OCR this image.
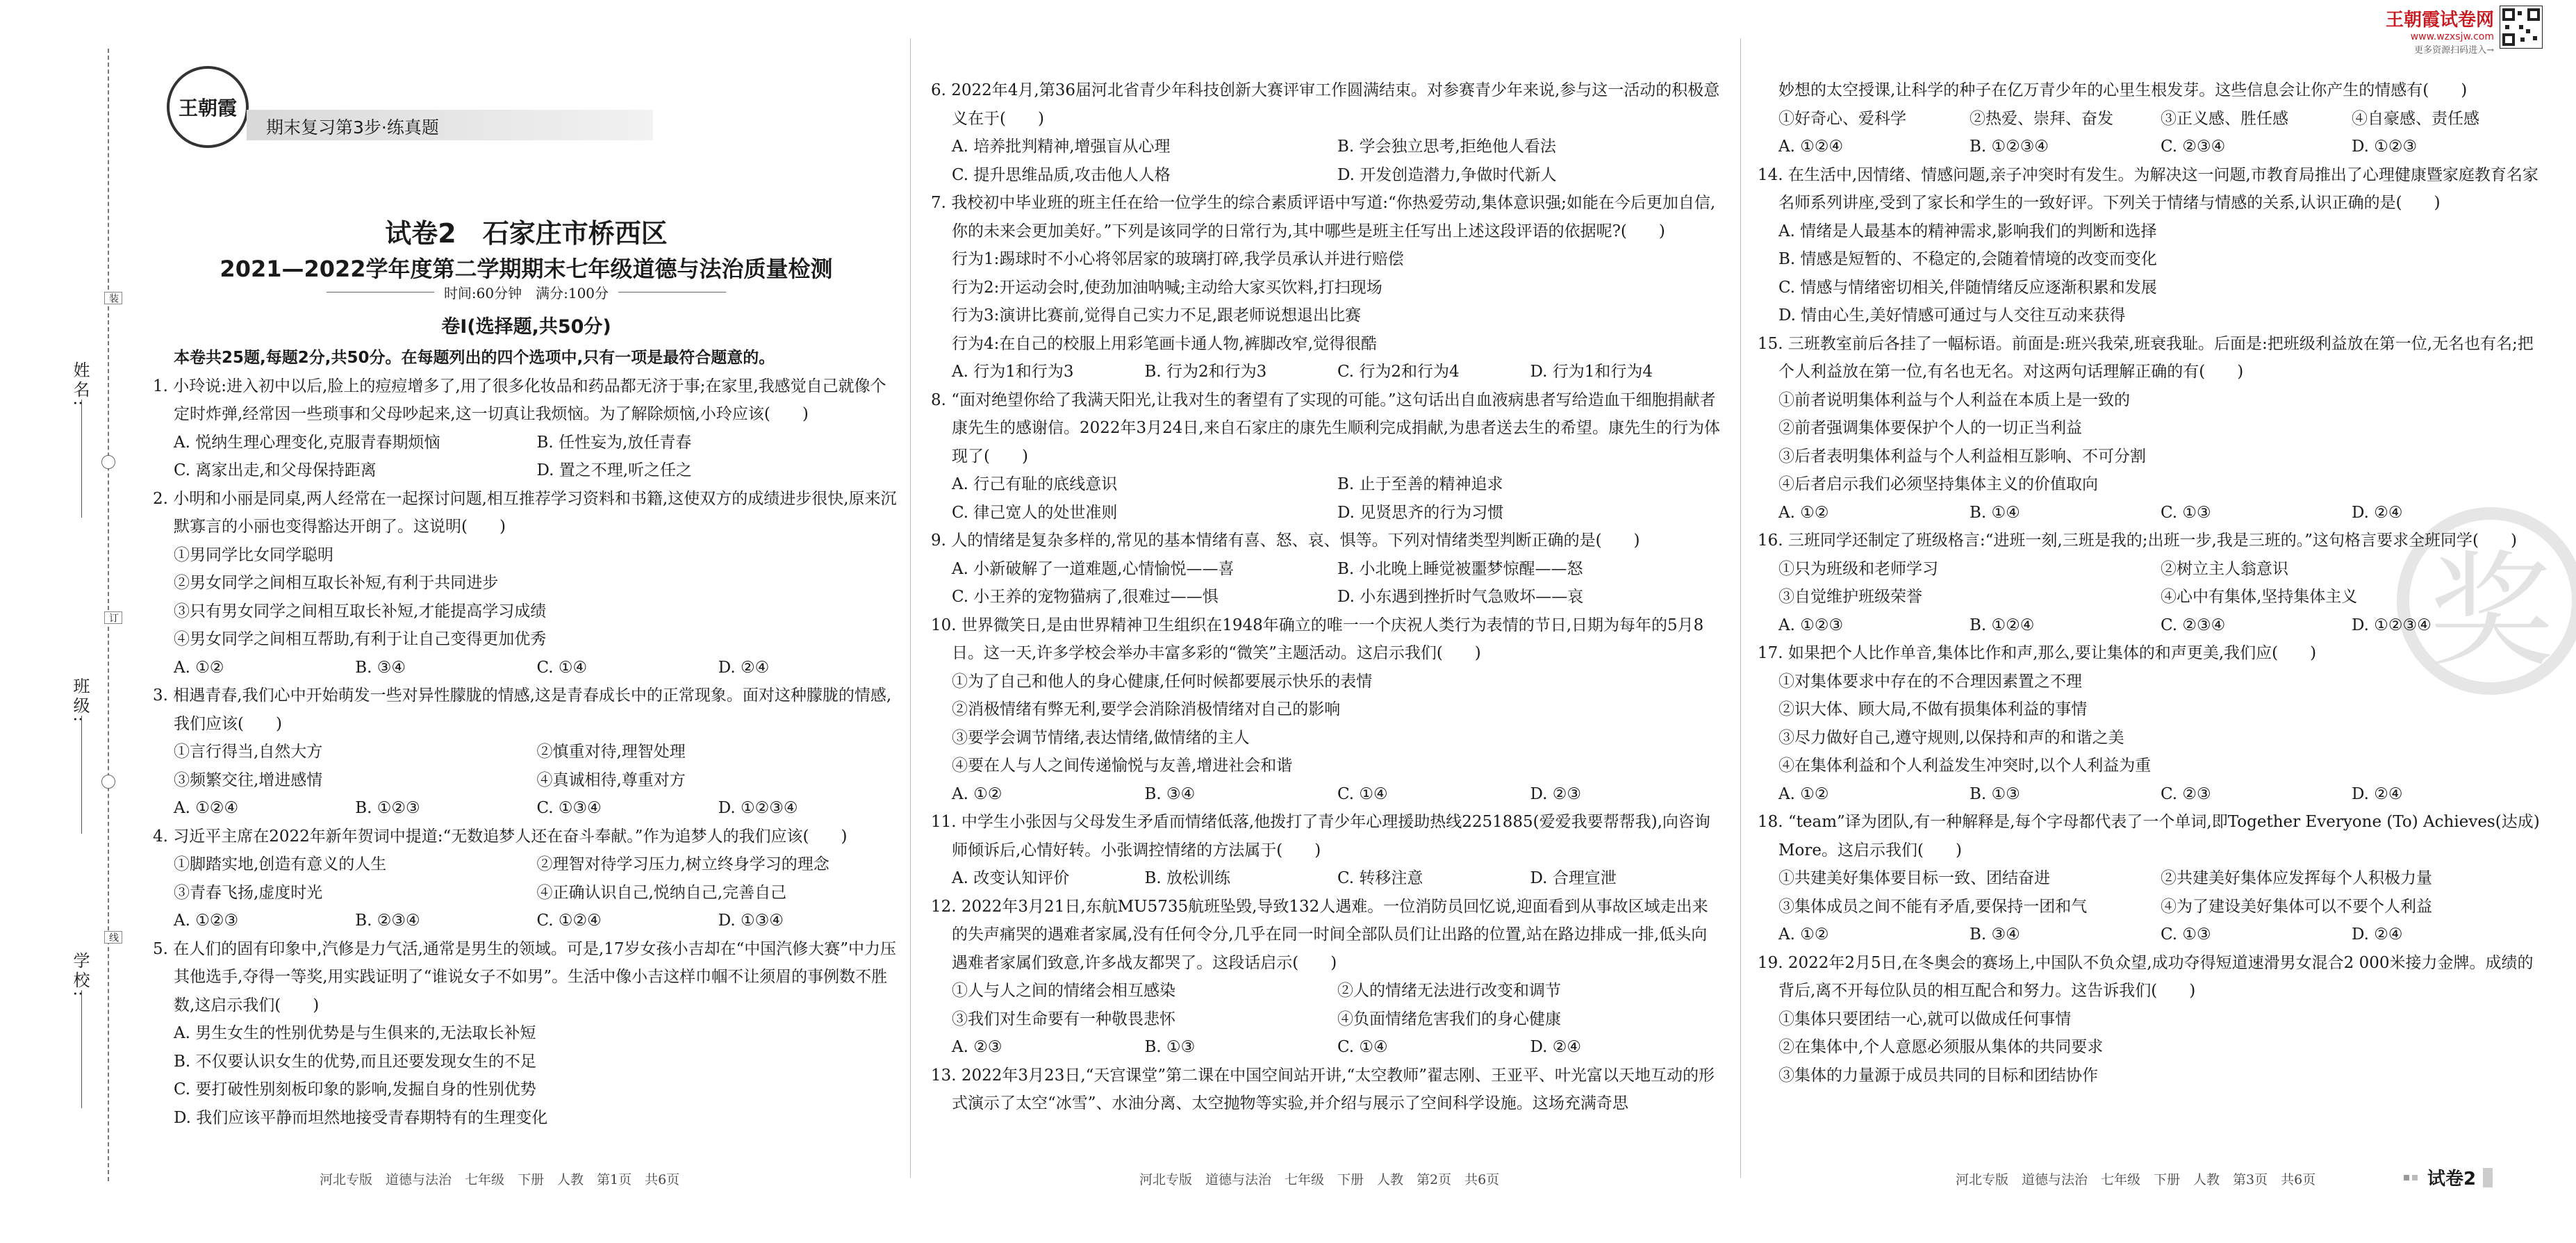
姓名:
班级:
学校:
装
订
线
王朝霞
期末复习第3步·练真题
试卷2　石家庄市桥西区
2021—2022学年度第二学期期末七年级道德与法治质量检测
时间:60分钟　满分:100分
卷Ⅰ(选择题,共50分)

本卷共25题,每题2分,共50分。在每题列出的四个选项中,只有一项是最符合题意的。

1. 小玲说:进入初中以后,脸上的痘痘增多了,用了很多化妆品和药品都无济于事;在家里,我感觉自己就像个定时炸弹,经常因一些琐事和父母吵起来,这一切真让我烦恼。为了解除烦恼,小玲应该(　　)

A. 悦纳生理心理变化,克服青春期烦恼	B. 任性妄为,放任青春
C. 离家出走,和父母保持距离	D. 置之不理,听之任之

2. 小明和小丽是同桌,两人经常在一起探讨问题,相互推荐学习资料和书籍,这使双方的成绩进步很快,原来沉默寡言的小丽也变得豁达开朗了。这说明(　　)

①男同学比女同学聪明

②男女同学之间相互取长补短,有利于共同进步

③只有男女同学之间相互取长补短,才能提高学习成绩

④男女同学之间相互帮助,有利于让自己变得更加优秀

A. ①②	B. ③④	C. ①④	D. ②④

3. 相遇青春,我们心中开始萌发一些对异性朦胧的情感,这是青春成长中的正常现象。面对这种朦胧的情感,我们应该(　　)

①言行得当,自然大方	②慎重对待,理智处理
③频繁交往,增进感情	④真诚相待,尊重对方
A. ①②④	B. ①②③	C. ①③④	D. ①②③④

4. 习近平主席在2022年新年贺词中提道:“无数追梦人还在奋斗奉献。”作为追梦人的我们应该(　　)

①脚踏实地,创造有意义的人生	②理智对待学习压力,树立终身学习的理念
③青春飞扬,虚度时光	④正确认识自己,悦纳自己,完善自己
A. ①②③	B. ②③④	C. ①②④	D. ①③④

5. 在人们的固有印象中,汽修是力气活,通常是男生的领域。可是,17岁女孩小吉却在“中国汽修大赛”中力压其他选手,夺得一等奖,用实践证明了“谁说女子不如男”。生活中像小吉这样巾帼不让须眉的事例数不胜数,这启示我们(　　)

A. 男生女生的性别优势是与生俱来的,无法取长补短

B. 不仅要认识女生的优势,而且还要发现女生的不足

C. 要打破性别刻板印象的影响,发掘自身的性别优势

D. 我们应该平静而坦然地接受青春期特有的生理变化

河北专版　道德与法治　七年级　下册　人教　第1页　共6页

6. 2022年4月,第36届河北省青少年科技创新大赛评审工作圆满结束。对参赛青少年来说,参与这一活动的积极意义在于(　　)

A. 培养批判精神,增强盲从心理	B. 学会独立思考,拒绝他人看法
C. 提升思维品质,攻击他人人格	D. 开发创造潜力,争做时代新人

7. 我校初中毕业班的班主任在给一位学生的综合素质评语中写道:“你热爱劳动,集体意识强;如能在今后更加自信,你的未来会更加美好。”下列是该同学的日常行为,其中哪些是班主任写出上述这段评语的依据呢?(　　)

行为1:踢球时不小心将邻居家的玻璃打碎,我学员承认并进行赔偿

行为2:开运动会时,使劲加油呐喊;主动给大家买饮料,打扫现场

行为3:演讲比赛前,觉得自己实力不足,跟老师说想退出比赛

行为4:在自己的校服上用彩笔画卡通人物,裤脚改窄,觉得很酷

A. 行为1和行为3	B. 行为2和行为3	C. 行为2和行为4	D. 行为1和行为4

8. “面对绝望你给了我满天阳光,让我对生的奢望有了实现的可能。”这句话出自血液病患者写给造血干细胞捐献者康先生的感谢信。2022年3月24日,来自石家庄的康先生顺利完成捐献,为患者送去生的希望。康先生的行为体现了(　　)

A. 行己有耻的底线意识	B. 止于至善的精神追求
C. 律己宽人的处世准则	D. 见贤思齐的行为习惯

9. 人的情绪是复杂多样的,常见的基本情绪有喜、怒、哀、惧等。下列对情绪类型判断正确的是(　　)

A. 小新破解了一道难题,心情愉悦——喜	B. 小北晚上睡觉被噩梦惊醒——怒
C. 小王养的宠物猫病了,很难过——惧	D. 小东遇到挫折时气急败坏——哀

10. 世界微笑日,是由世界精神卫生组织在1948年确立的唯一一个庆祝人类行为表情的节日,日期为每年的5月8日。这一天,许多学校会举办丰富多彩的“微笑”主题活动。这启示我们(　　)

①为了自己和他人的身心健康,任何时候都要展示快乐的表情

②消极情绪有弊无利,要学会消除消极情绪对自己的影响

③要学会调节情绪,表达情绪,做情绪的主人

④要在人与人之间传递愉悦与友善,增进社会和谐

A. ①②	B. ③④	C. ①④	D. ②③

11. 中学生小张因与父母发生矛盾而情绪低落,他拨打了青少年心理援助热线2251885(爱爱我要帮帮我),向咨询师倾诉后,心情好转。小张调控情绪的方法属于(　　)

A. 改变认知评价	B. 放松训练	C. 转移注意	D. 合理宣泄

12. 2022年3月21日,东航MU5735航班坠毁,导致132人遇难。一位消防员回忆说,迎面看到从事故区域走出来的失声痛哭的遇难者家属,没有任何令分,几乎在同一时间全部队员们让出路的位置,站在路边排成一排,低头向遇难者家属们致意,许多战友都哭了。这段话启示(　　)

①人与人之间的情绪会相互感染	②人的情绪无法进行改变和调节
③我们对生命要有一种敬畏悲怀	④负面情绪危害我们的身心健康
A. ②③	B. ①③	C. ①④	D. ②④

13. 2022年3月23日,“天宫课堂”第二课在中国空间站开讲,“太空教师”翟志刚、王亚平、叶光富以天地互动的形式演示了太空“冰雪”、水油分离、太空抛物等实验,并介绍与展示了空间科学设施。这场充满奇思

河北专版　道德与法治　七年级　下册　人教　第2页　共6页
王朝霞试卷网
www.wzxsjw.com
更多资源扫码进入→
奖

妙想的太空授课,让科学的种子在亿万青少年的心里生根发芽。这些信息会让你产生的情感有(　　)

①好奇心、爱科学	②热爱、崇拜、奋发	③正义感、胜任感	④自豪感、责任感
A. ①②④	B. ①②③④	C. ②③④	D. ①②③

14. 在生活中,因情绪、情感问题,亲子冲突时有发生。为解决这一问题,市教育局推出了心理健康暨家庭教育名家名师系列讲座,受到了家长和学生的一致好评。下列关于情绪与情感的关系,认识正确的是(　　)

A. 情绪是人最基本的精神需求,影响我们的判断和选择

B. 情感是短暂的、不稳定的,会随着情境的改变而变化

C. 情感与情绪密切相关,伴随情绪反应逐渐积累和发展

D. 情由心生,美好情感可通过与人交往互动来获得

15. 三班教室前后各挂了一幅标语。前面是:班兴我荣,班衰我耻。后面是:把班级利益放在第一位,无名也有名;把个人利益放在第一位,有名也无名。对这两句话理解正确的有(　　)

①前者说明集体利益与个人利益在本质上是一致的

②前者强调集体要保护个人的一切正当利益

③后者表明集体利益与个人利益相互影响、不可分割

④后者启示我们必须坚持集体主义的价值取向

A. ①②	B. ①④	C. ①③	D. ②④

16. 三班同学还制定了班级格言:“进班一刻,三班是我的;出班一步,我是三班的。”这句格言要求全班同学(　　)

①只为班级和老师学习	②树立主人翁意识
③自觉维护班级荣誉	④心中有集体,坚持集体主义
A. ①②③	B. ①②④	C. ②③④	D. ①②③④

17. 如果把个人比作单音,集体比作和声,那么,要让集体的和声更美,我们应(　　)

①对集体要求中存在的不合理因素置之不理

②识大体、顾大局,不做有损集体利益的事情

③尽力做好自己,遵守规则,以保持和声的和谐之美

④在集体利益和个人利益发生冲突时,以个人利益为重

A. ①②	B. ①③	C. ②③	D. ②④

18. “team”译为团队,有一种解释是,每个字母都代表了一个单词,即Together Everyone (To) Achieves(达成) More。这启示我们(　　)

①共建美好集体要目标一致、团结奋进	②共建美好集体应发挥每个人积极力量
③集体成员之间不能有矛盾,要保持一团和气	④为了建设美好集体可以不要个人利益
A. ①②	B. ③④	C. ①③	D. ②④

19. 2022年2月5日,在冬奥会的赛场上,中国队不负众望,成功夺得短道速滑男女混合2 000米接力金牌。成绩的背后,离不开每位队员的相互配合和努力。这告诉我们(　　)

①集体只要团结一心,就可以做成任何事情

②在集体中,个人意愿必须服从集体的共同要求

③集体的力量源于成员共同的目标和团结协作

河北专版　道德与法治　七年级　下册　人教　第3页　共6页	试卷2
